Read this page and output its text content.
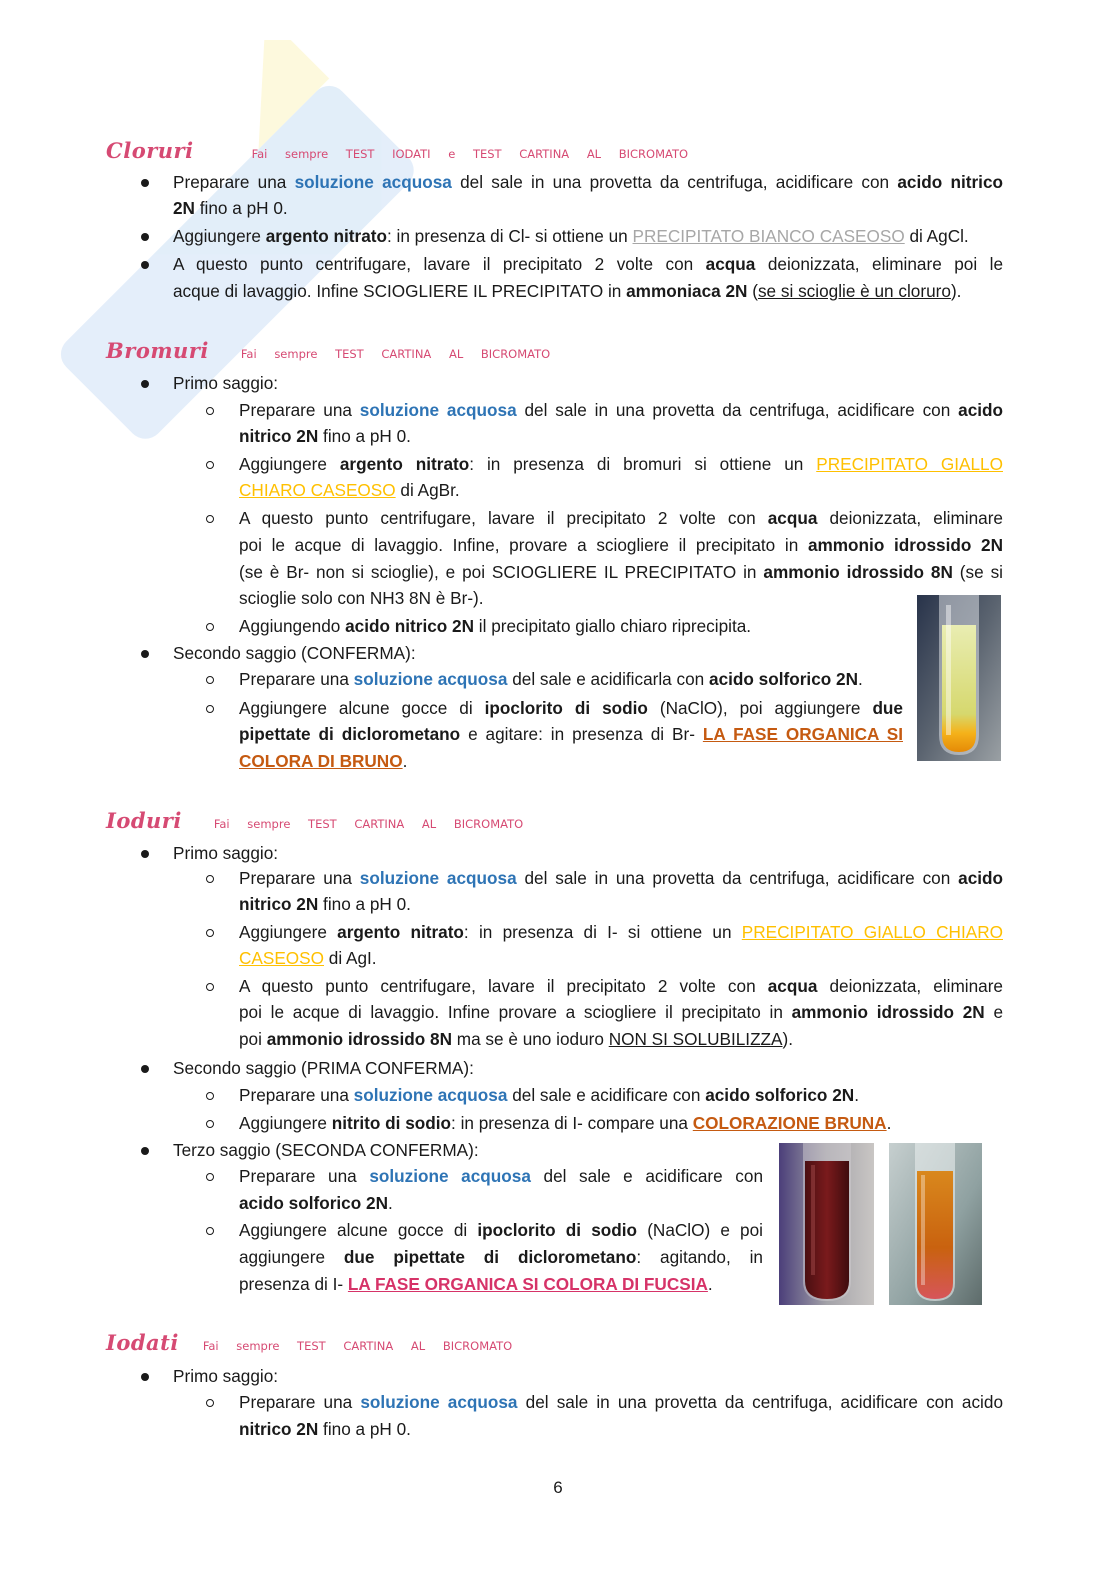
Cloruri	Fai sempre TEST IODATI e TEST CARTINA AL BICROMATO
Preparare una soluzione acquosa del sale in una provetta da centrifuga, acidificare con acido nitrico
2N fino a pH 0.
Aggiungere argento nitrato: in presenza di Cl- si ottiene un PRECIPITATO BIANCO CASEOSO di AgCl.
A questo punto centrifugare, lavare il precipitato 2 volte con acqua deionizzata, eliminare poi le
acque di lavaggio. Infine SCIOGLIERE IL PRECIPITATO in ammoniaca 2N (se si scioglie è un cloruro).
Bromuri	Fai sempre TEST CARTINA AL BICROMATO
Primo saggio:
Preparare una soluzione acquosa del sale in una provetta da centrifuga, acidificare con acido
nitrico 2N fino a pH 0.
Aggiungere argento nitrato: in presenza di bromuri si ottiene un PRECIPITATO GIALLO
CHIARO CASEOSO di AgBr.
A questo punto centrifugare, lavare il precipitato 2 volte con acqua deionizzata, eliminare
poi le acque di lavaggio. Infine, provare a sciogliere il precipitato in ammonio idrossido 2N
(se è Br- non si scioglie), e poi SCIOGLIERE IL PRECIPITATO in ammonio idrossido 8N (se si
scioglie solo con NH3 8N è Br-).
Aggiungendo acido nitrico 2N il precipitato giallo chiaro riprecipita.
Secondo saggio (CONFERMA):
Preparare una soluzione acquosa del sale e acidificarla con acido solforico 2N.
Aggiungere alcune gocce di ipoclorito di sodio (NaClO), poi aggiungere due
pipettate di diclorometano e agitare: in presenza di Br- LA FASE ORGANICA SI
COLORA DI BRUNO.
Ioduri	Fai sempre TEST CARTINA AL BICROMATO
Primo saggio:
Preparare una soluzione acquosa del sale in una provetta da centrifuga, acidificare con acido
nitrico 2N fino a pH 0.
Aggiungere argento nitrato: in presenza di I- si ottiene un PRECIPITATO GIALLO CHIARO
CASEOSO di AgI.
A questo punto centrifugare, lavare il precipitato 2 volte con acqua deionizzata, eliminare
poi le acque di lavaggio. Infine provare a sciogliere il precipitato in ammonio idrossido 2N e
poi ammonio idrossido 8N ma se è uno ioduro NON SI SOLUBILIZZA).
Secondo saggio (PRIMA CONFERMA):
Preparare una soluzione acquosa del sale e acidificare con acido solforico 2N.
Aggiungere nitrito di sodio: in presenza di I- compare una COLORAZIONE BRUNA.
Terzo saggio (SECONDA CONFERMA):
Preparare una soluzione acquosa del sale e acidificare con
acido solforico 2N.
Aggiungere alcune gocce di ipoclorito di sodio (NaClO) e poi
aggiungere due pipettate di diclorometano: agitando, in
presenza di I- LA FASE ORGANICA SI COLORA DI FUCSIA.
Iodati Fai sempre TEST CARTINA AL BICROMATO
Primo saggio:
Preparare una soluzione acquosa del sale in una provetta da centrifuga, acidificare con acido
nitrico 2N fino a pH 0.
6
